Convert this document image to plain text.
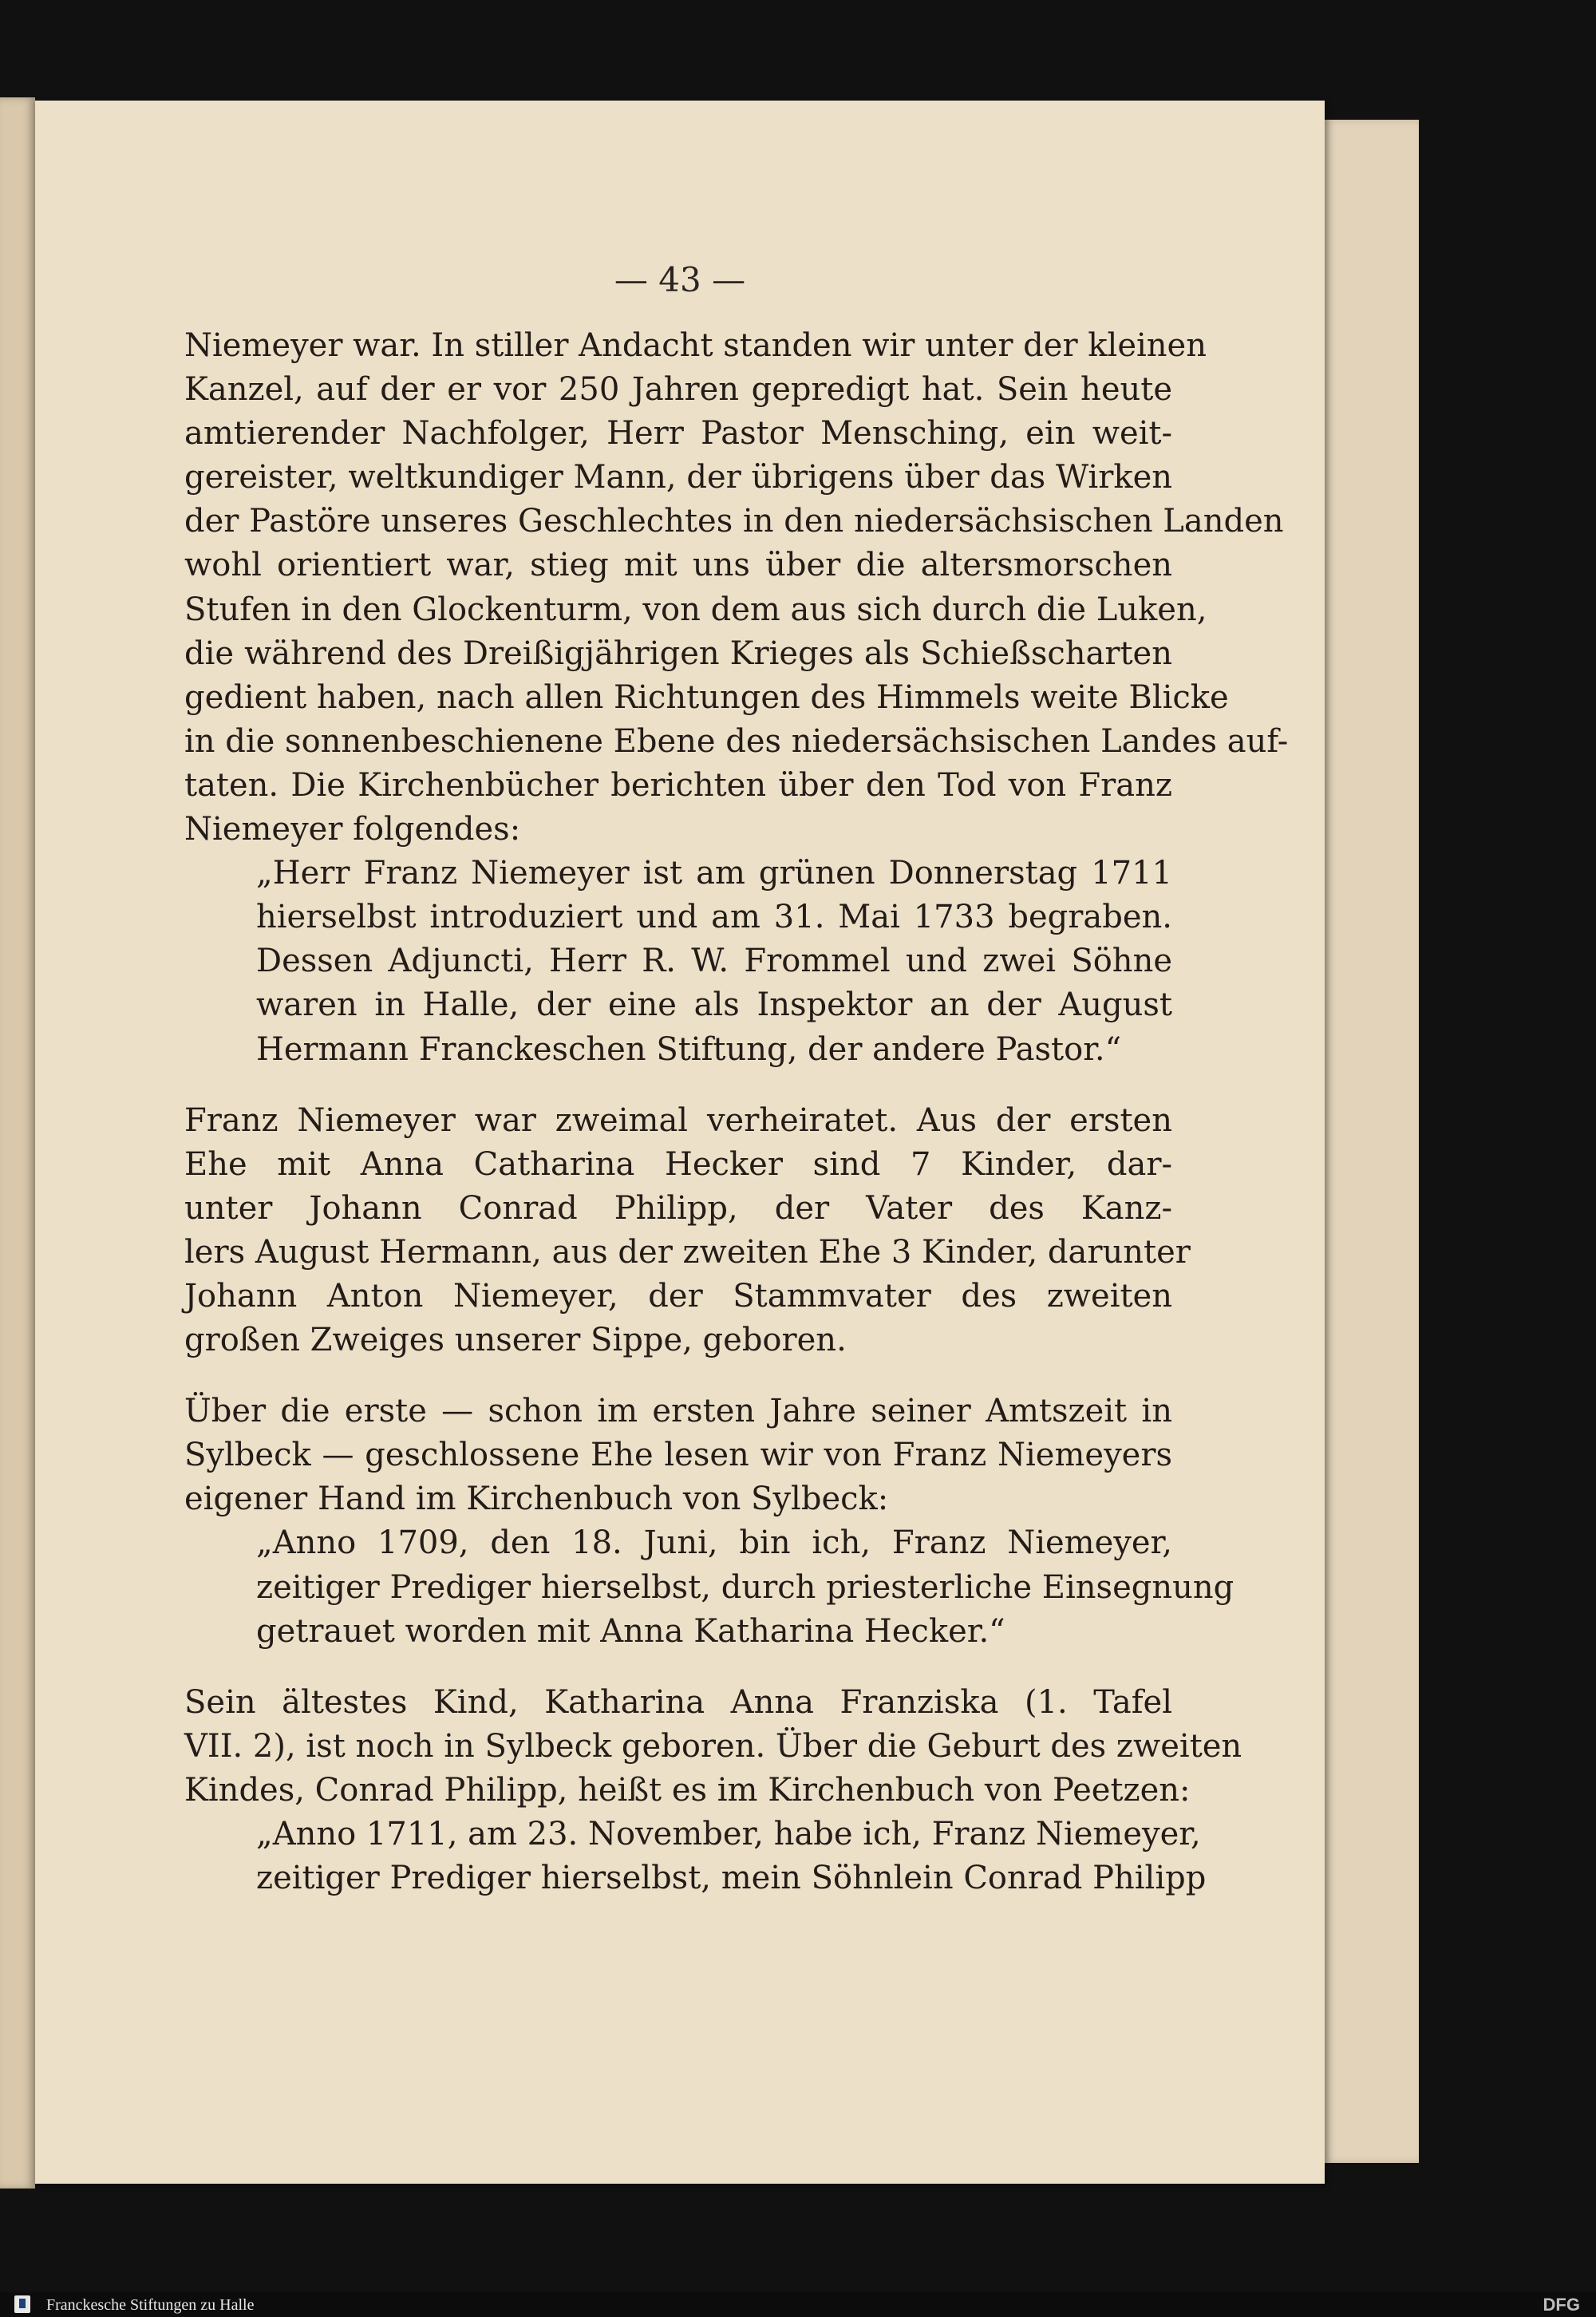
— 43 —

Niemeyer war. In stiller Andacht standen wir unter der kleinen
Kanzel, auf der er vor 250 Jahren gepredigt hat. Sein heute
amtierender Nachfolger, Herr Pastor Mensching, ein weit-
gereister, weltkundiger Mann, der übrigens über das Wirken
der Pastöre unseres Geschlechtes in den niedersächsischen Landen
wohl orientiert war, stieg mit uns über die altersmorschen
Stufen in den Glockenturm, von dem aus sich durch die Luken,
die während des Dreißigjährigen Krieges als Schießscharten
gedient haben, nach allen Richtungen des Himmels weite Blicke
in die sonnenbeschienene Ebene des niedersächsischen Landes auf-
taten. Die Kirchenbücher berichten über den Tod von Franz
Niemeyer folgendes:
„Herr Franz Niemeyer ist am grünen Donnerstag 1711
hierselbst introduziert und am 31. Mai 1733 begraben.
Dessen Adjuncti, Herr R. W. Frommel und zwei Söhne
waren in Halle, der eine als Inspektor an der August
Hermann Franckeschen Stiftung, der andere Pastor.“
Franz Niemeyer war zweimal verheiratet. Aus der ersten
Ehe mit Anna Catharina Hecker sind 7 Kinder, dar-
unter Johann Conrad Philipp, der Vater des Kanz-
lers August Hermann, aus der zweiten Ehe 3 Kinder, darunter
Johann Anton Niemeyer, der Stammvater des zweiten
großen Zweiges unserer Sippe, geboren.
Über die erste — schon im ersten Jahre seiner Amtszeit in
Sylbeck — geschlossene Ehe lesen wir von Franz Niemeyers
eigener Hand im Kirchenbuch von Sylbeck:
„Anno 1709, den 18. Juni, bin ich, Franz Niemeyer,
zeitiger Prediger hierselbst, durch priesterliche Einsegnung
getrauet worden mit Anna Katharina Hecker.“
Sein ältestes Kind, Katharina Anna Franziska (1. Tafel
VII. 2), ist noch in Sylbeck geboren. Über die Geburt des zweiten
Kindes, Conrad Philipp, heißt es im Kirchenbuch von Peetzen:
„Anno 1711, am 23. November, habe ich, Franz Niemeyer,
zeitiger Prediger hierselbst, mein Söhnlein Conrad Philipp
Franckesche Stiftungen zu Halle	DFG
